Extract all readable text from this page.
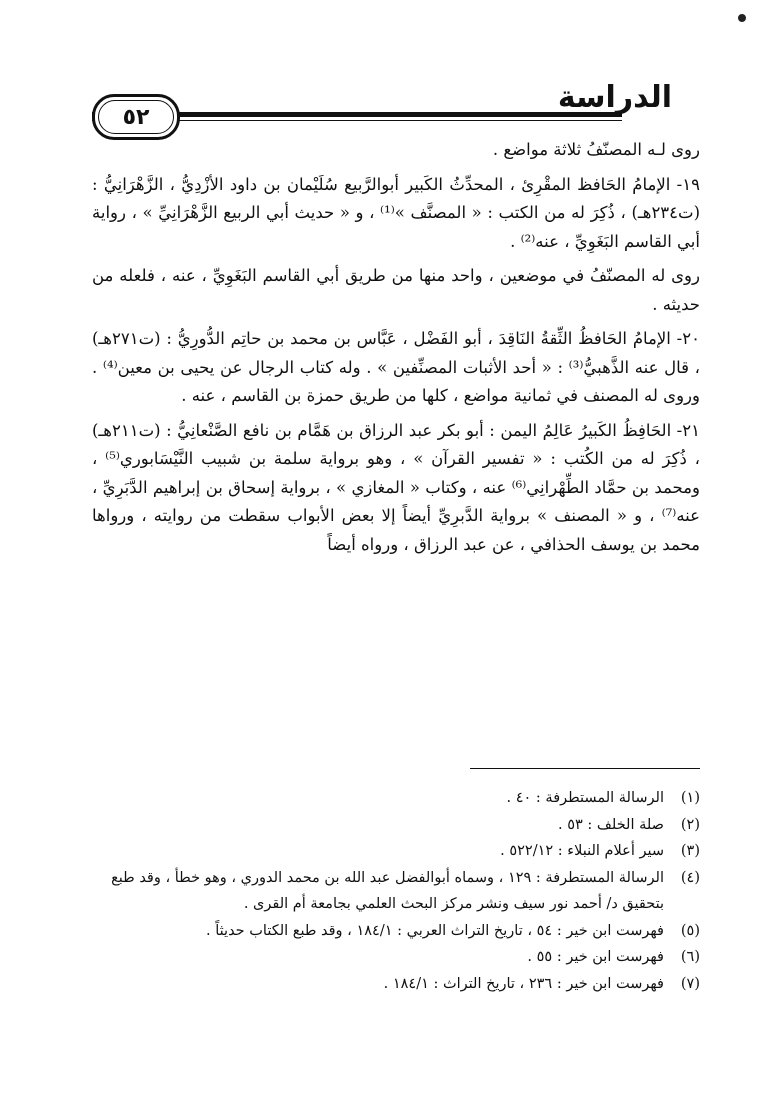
٥٢
الدراسة

روى لـه المصنّفُ ثلاثة مواضع .

١٩- الإمامُ الحَافظ المقْرِئ ، المحدِّثُ الكَبير أبوالرَّبيع سُلَيْمان بن داود الأزْدِيُّ ، الزَّهْرَانِيُّ : (ت٢٣٤هـ) ، ذُكِرَ له من الكتب : « المصنَّف »⁽¹⁾ ، و « حديث أبي الربيع الزَّهْرَانِيِّ » ، رواية أبي القاسم البَغَوِيِّ ، عنه⁽²⁾ .

روى له المصنّفُ في موضعين ، واحد منها من طريق أبي القاسم البَغَوِيِّ ، عنه ، فلعله من حديثه .

٢٠- الإمامُ الحَافظُ الثِّقةُ النَاقِدَ ، أبو الفَضْل ، عَبَّاس بن محمد بن حاتِم الدُّورِيُّ : (ت٢٧١هـ) ، قال عنه الذَّهبيُّ⁽³⁾ : « أحد الأثبات المصنِّفين » . وله كتاب الرجال عن يحيى بن معين⁽⁴⁾ . وروى له المصنف في ثمانية مواضع ، كلها من طريق حمزة بن القاسم ، عنه .

٢١- الحَافِظُ الكَبيرُ عَالِمُ اليمن : أبو بكر عبد الرزاق بن هَمَّام بن نافع الصَّنْعانِيُّ : (ت٢١١هـ) ، ذُكِرَ له من الكُتب : « تفسير القرآن » ، وهو برواية سلمة بن شبيب النَّيْسَابوري⁽⁵⁾ ، ومحمد بن حمَّاد الطِّهْرانِي⁽⁶⁾ عنه ، وكتاب « المغازي » ، برواية إسحاق بن إبراهيم الدَّبَرِيِّ ، عنه⁽⁷⁾ ، و « المصنف » برواية الدَّبرِيِّ أيضاً إلا بعض الأبواب سقطت من روايته ، ورواها محمد بن يوسف الحذافي ، عن عبد الرزاق ، ورواه أيضاً

(١)
الرسالة المستطرفة : ٤٠ .
(٢)
صلة الخلف : ٥٣ .
(٣)
سير أعلام النبلاء : ٥٢٢/١٢ .
(٤)
الرسالة المستطرفة : ١٢٩ ، وسماه أبوالفضل عبد الله بن محمد الدوري ، وهو خطأ ، وقد طبع بتحقيق د/ أحمد نور سيف ونشر مركز البحث العلمي بجامعة أم القرى .
(٥)
فهرست ابن خير : ٥٤ ، تاريخ التراث العربي : ١٨٤/١ ، وقد طبع الكتاب حديثاً .
(٦)
فهرست ابن خير : ٥٥ .
(٧)
فهرست ابن خير : ٢٣٦ ، تاريخ التراث : ١٨٤/١ .
